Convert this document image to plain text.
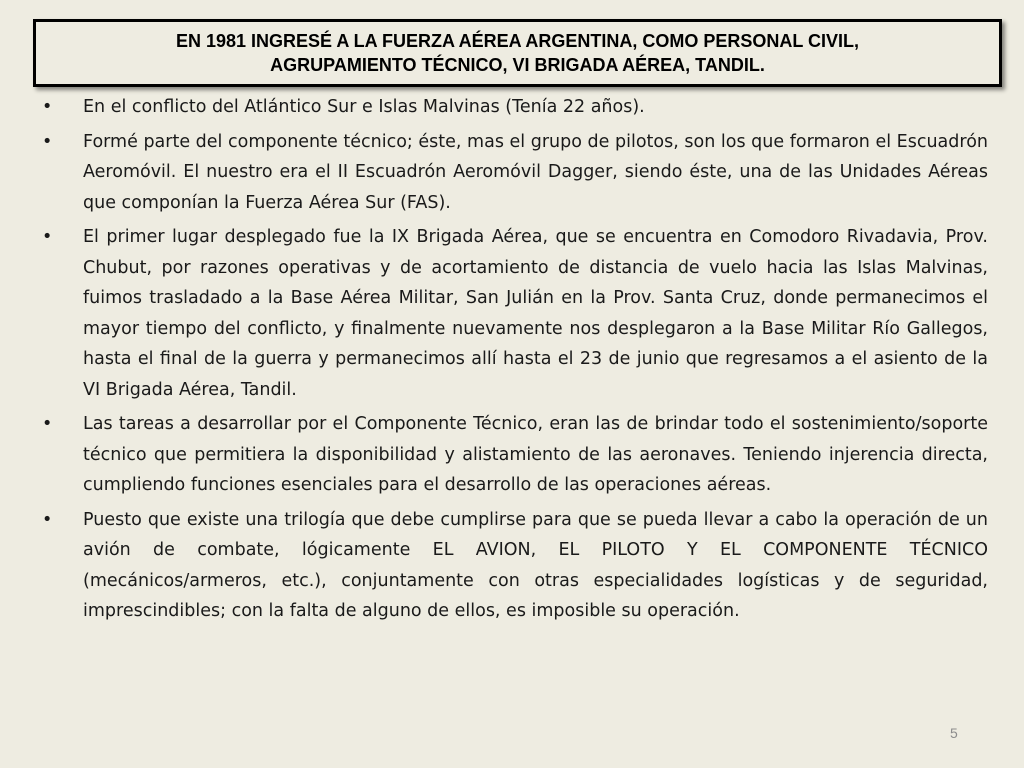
EN 1981 INGRESÉ A LA FUERZA AÉREA ARGENTINA, COMO PERSONAL CIVIL,
AGRUPAMIENTO TÉCNICO, VI BRIGADA AÉREA, TANDIL.
• En el conflicto del Atlántico Sur e Islas Malvinas (Tenía 22 años).
• Formé parte del componente técnico; éste, mas el grupo de pilotos, son los que formaron el Escuadrón Aeromóvil. El nuestro era el II Escuadrón Aeromóvil Dagger, siendo éste, una de las Unidades Aéreas que componían la Fuerza Aérea Sur (FAS).
• El primer lugar desplegado fue la IX Brigada Aérea, que se encuentra en Comodoro Rivadavia, Prov. Chubut, por razones operativas y de acortamiento de distancia de vuelo hacia las Islas Malvinas, fuimos trasladado a la Base Aérea Militar, San Julián en la Prov. Santa Cruz, donde permanecimos el mayor tiempo del conflicto, y finalmente nuevamente nos desplegaron a la Base Militar Río Gallegos, hasta el final de la guerra y permanecimos allí hasta el 23 de junio que regresamos a el asiento de la VI Brigada Aérea, Tandil.
• Las tareas a desarrollar por el Componente Técnico, eran las de brindar todo el sostenimiento/soporte técnico que permitiera la disponibilidad y alistamiento de las aeronaves. Teniendo injerencia directa, cumpliendo funciones esenciales para el desarrollo de las operaciones aéreas.
• Puesto que existe una trilogía que debe cumplirse para que se pueda llevar a cabo la operación de un avión de combate, lógicamente EL AVION, EL PILOTO Y EL COMPONENTE TÉCNICO (mecánicos/armeros, etc.), conjuntamente con otras especialidades logísticas y de seguridad, imprescindibles; con la falta de alguno de ellos, es imposible su operación.
5
